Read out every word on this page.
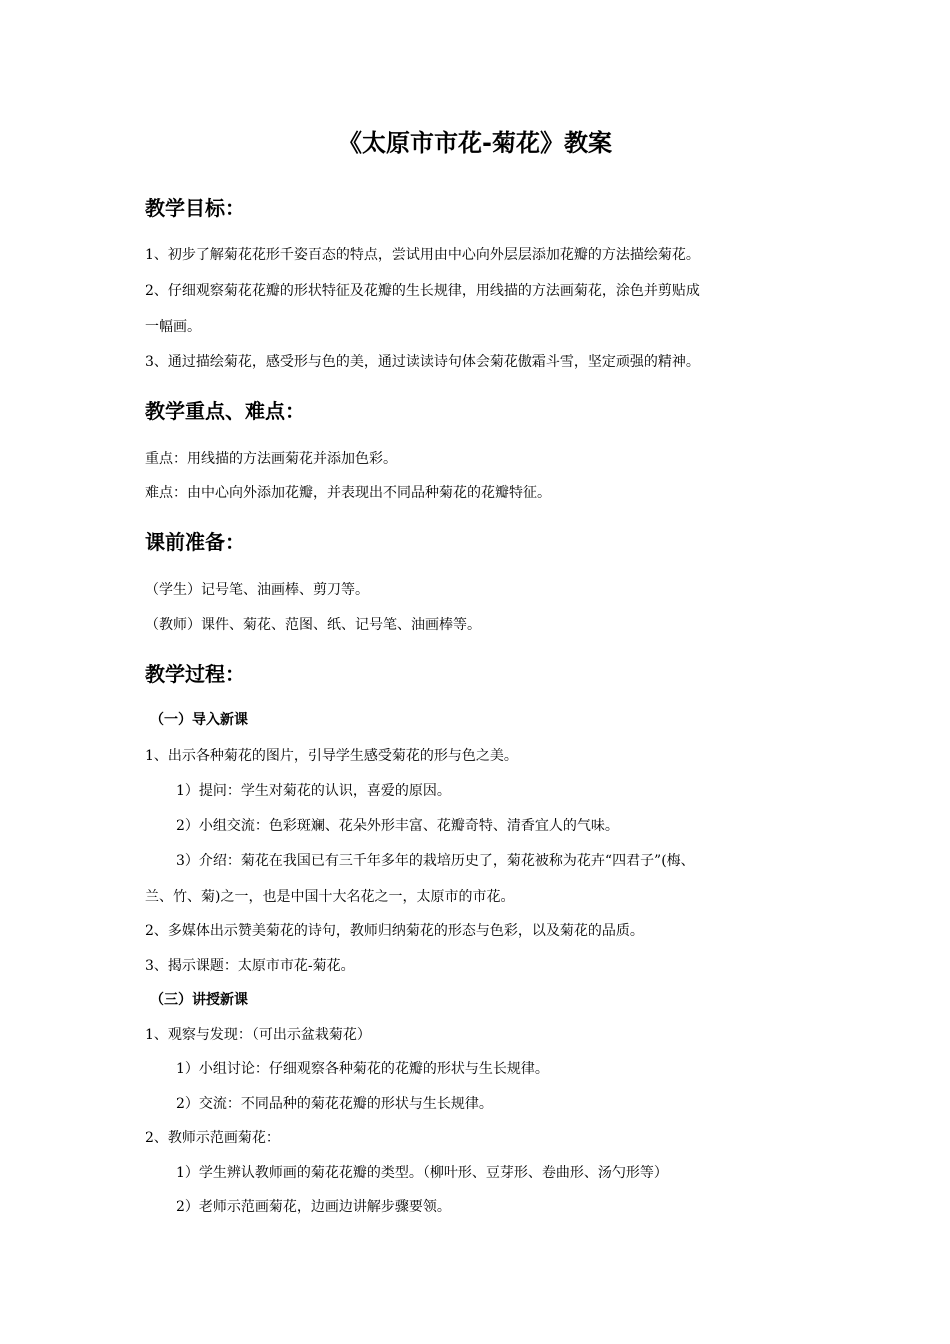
《太原市市花-菊花》教案
教学目标：
1、初步了解菊花花形千姿百态的特点，尝试用由中心向外层层添加花瓣的方法描绘菊花。
2、仔细观察菊花花瓣的形状特征及花瓣的生长规律，用线描的方法画菊花，涂色并剪贴成
一幅画。
3、通过描绘菊花，感受形与色的美，通过读读诗句体会菊花傲霜斗雪，坚定顽强的精神。
教学重点、难点：
重点：用线描的方法画菊花并添加色彩。
难点：由中心向外添加花瓣，并表现出不同品种菊花的花瓣特征。
课前准备：
（学生）记号笔、油画棒、剪刀等。
（教师）课件、菊花、范图、纸、记号笔、油画棒等。
教学过程：
（一）导入新课
1、出示各种菊花的图片，引导学生感受菊花的形与色之美。
1）提问：学生对菊花的认识，喜爱的原因。
2）小组交流：色彩斑斓、花朵外形丰富、花瓣奇特、清香宜人的气味。
3）介绍：菊花在我国已有三千年多年的栽培历史了，菊花被称为花卉“四君子”(梅、
兰、竹、菊)之一，也是中国十大名花之一，太原市的市花。
2、多媒体出示赞美菊花的诗句，教师归纳菊花的形态与色彩，以及菊花的品质。
3、揭示课题：太原市市花-菊花。
（三）讲授新课
1、观察与发现：（可出示盆栽菊花）
1）小组讨论：仔细观察各种菊花的花瓣的形状与生长规律。
2）交流：不同品种的菊花花瓣的形状与生长规律。
2、教师示范画菊花：
1）学生辨认教师画的菊花花瓣的类型。（柳叶形、豆芽形、卷曲形、汤勺形等）
2）老师示范画菊花，边画边讲解步骤要领。
